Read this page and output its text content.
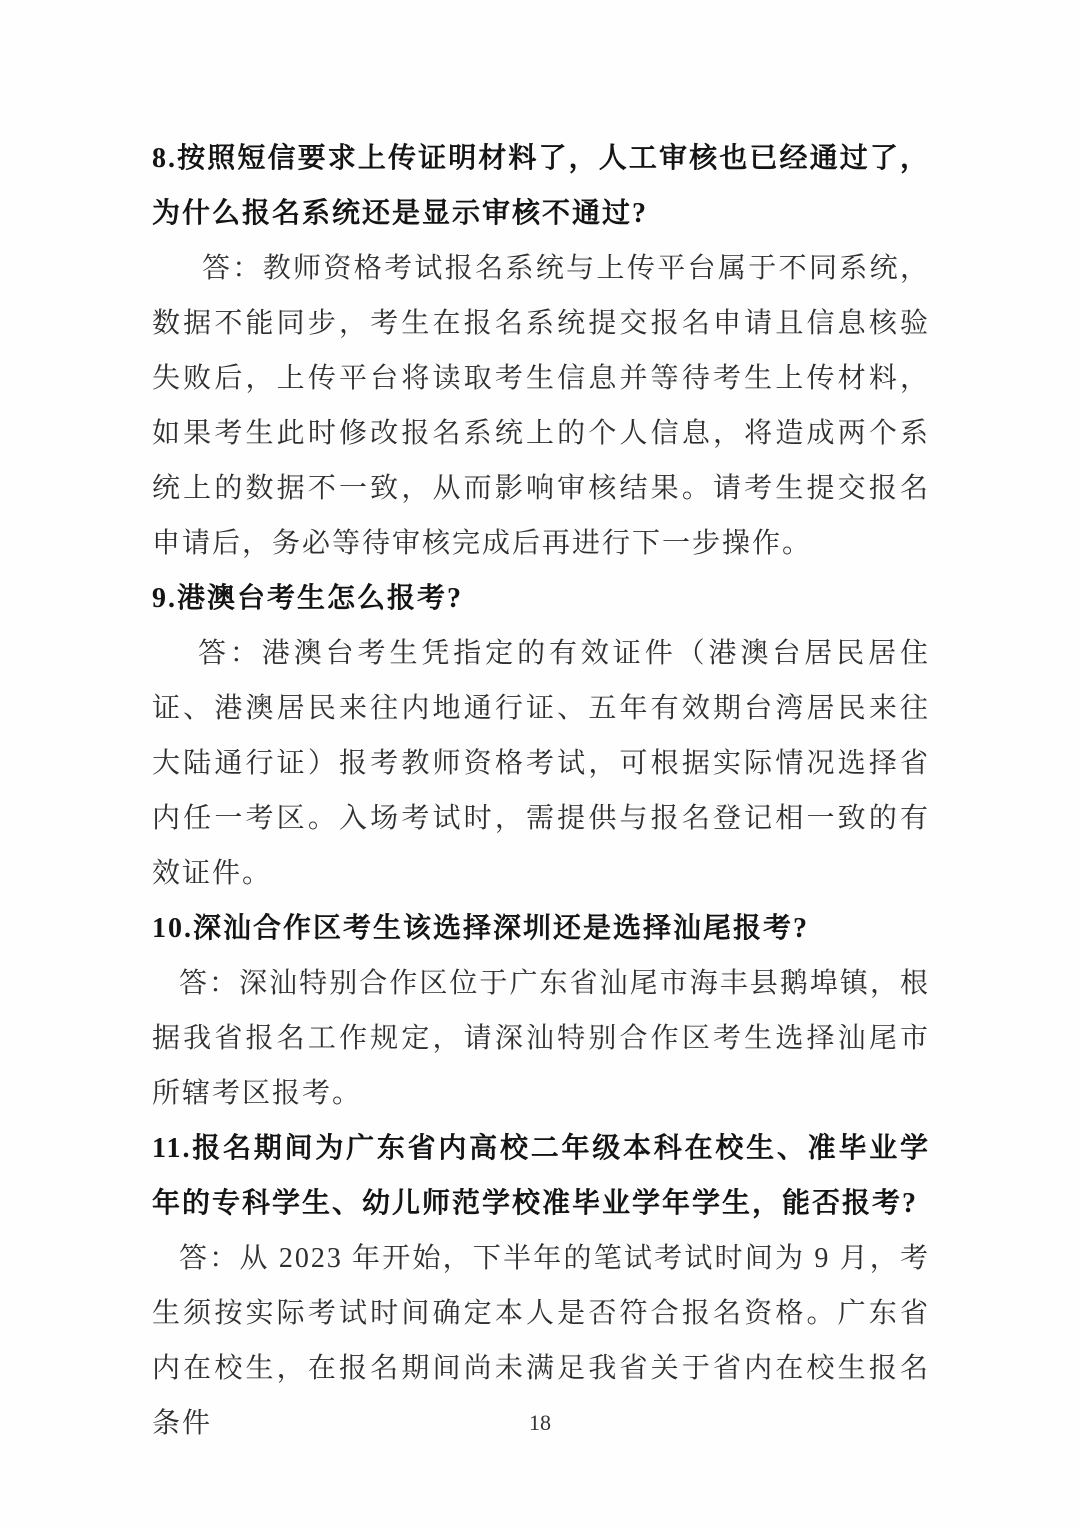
8.按照短信要求上传证明材料了，人工审核也已经通过了，为什么报名系统还是显示审核不通过?

答：教师资格考试报名系统与上传平台属于不同系统，数据不能同步，考生在报名系统提交报名申请且信息核验失败后，上传平台将读取考生信息并等待考生上传材料，如果考生此时修改报名系统上的个人信息，将造成两个系统上的数据不一致，从而影响审核结果。请考生提交报名申请后，务必等待审核完成后再进行下一步操作。

9.港澳台考生怎么报考?

答：港澳台考生凭指定的有效证件（港澳台居民居住证、港澳居民来往内地通行证、五年有效期台湾居民来往大陆通行证）报考教师资格考试，可根据实际情况选择省内任一考区。入场考试时，需提供与报名登记相一致的有效证件。

10.深汕合作区考生该选择深圳还是选择汕尾报考?

答：深汕特别合作区位于广东省汕尾市海丰县鹅埠镇，根据我省报名工作规定，请深汕特别合作区考生选择汕尾市所辖考区报考。

11.报名期间为广东省内高校二年级本科在校生、准毕业学年的专科学生、幼儿师范学校准毕业学年学生，能否报考?

答：从 2023 年开始，下半年的笔试考试时间为 9 月，考生须按实际考试时间确定本人是否符合报名资格。广东省内在校生，在报名期间尚未满足我省关于省内在校生报名条件	18
